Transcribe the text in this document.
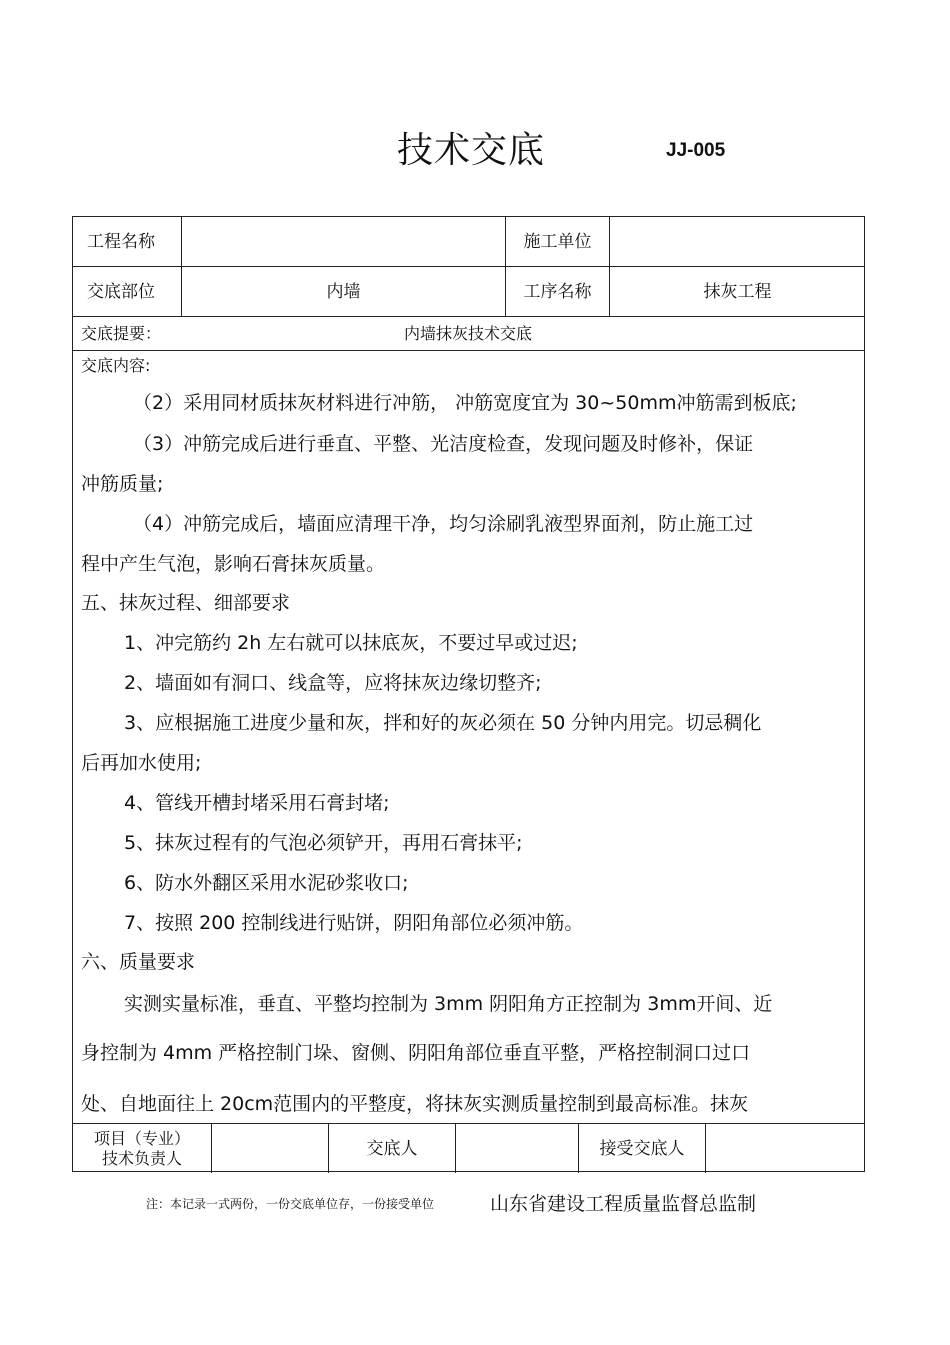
技术交底	JJ-005
工程名称	施工单位
交底部位	内墙	工序名称	抹灰工程
交底提要：	内墙抹灰技术交底
交底内容:
（2）采用同材质抹灰材料进行冲筋， 冲筋宽度宜为 30~50mm冲筋需到板底;
（3）冲筋完成后进行垂直、平整、光洁度检查，发现问题及时修补，保证
冲筋质量;
（4）冲筋完成后，墙面应清理干净，均匀涂刷乳液型界面剂，防止施工过
程中产生气泡，影响石膏抹灰质量。
五、抹灰过程、细部要求
1、冲完筋约 2h 左右就可以抹底灰，不要过早或过迟;
2、墙面如有洞口、线盒等，应将抹灰边缘切整齐;
3、应根据施工进度少量和灰，拌和好的灰必须在 50 分钟内用完。切忌稠化
后再加水使用;
4、管线开槽封堵采用石膏封堵;
5、抹灰过程有的气泡必须铲开，再用石膏抹平;
6、防水外翻区采用水泥砂浆收口;
7、按照 200 控制线进行贴饼，阴阳角部位必须冲筋。
六、质量要求
实测实量标准，垂直、平整均控制为 3mm 阴阳角方正控制为 3mm开间、近
身控制为 4mm 严格控制门垛、窗侧、阴阳角部位垂直平整，严格控制洞口过口
处、自地面往上 20cm范围内的平整度，将抹灰实测质量控制到最高标准。抹灰
项目（专业）
技术负责人	交底人	接受交底人
注：本记录一式两份，一份交底单位存，一份接受单位	山东省建设工程质量监督总监制
